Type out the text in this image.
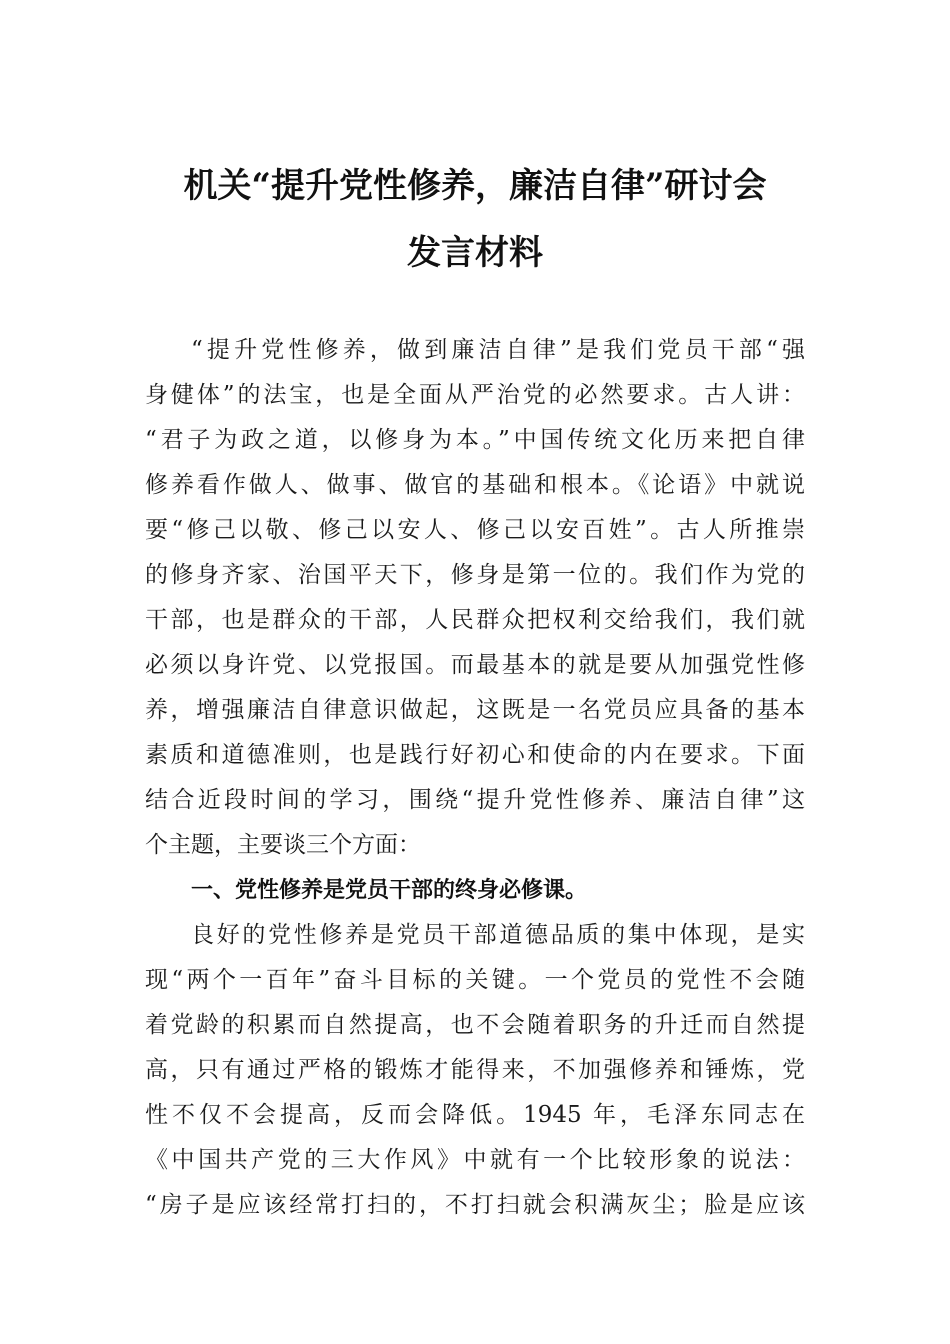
机关“提升党性修养，廉洁自律”研讨会
发言材料
“提升党性修养，做到廉洁自律”是我们党员干部“强
身健体”的法宝，也是全面从严治党的必然要求。古人讲：
“君子为政之道，以修身为本。”中国传统文化历来把自律
修养看作做人、做事、做官的基础和根本。《论语》中就说
要“修己以敬、修己以安人、修己以安百姓”。古人所推崇
的修身齐家、治国平天下，修身是第一位的。我们作为党的
干部，也是群众的干部，人民群众把权利交给我们，我们就
必须以身许党、以党报国。而最基本的就是要从加强党性修
养，增强廉洁自律意识做起，这既是一名党员应具备的基本
素质和道德准则，也是践行好初心和使命的内在要求。下面
结合近段时间的学习，围绕“提升党性修养、廉洁自律”这
个主题，主要谈三个方面：
一、党性修养是党员干部的终身必修课。
良好的党性修养是党员干部道德品质的集中体现，是实
现“两个一百年”奋斗目标的关键。一个党员的党性不会随
着党龄的积累而自然提高，也不会随着职务的升迁而自然提
高，只有通过严格的锻炼才能得来，不加强修养和锤炼，党
性不仅不会提高，反而会降低。1945 年，毛泽东同志在
《中国共产党的三大作风》中就有一个比较形象的说法：
“房子是应该经常打扫的，不打扫就会积满灰尘；脸是应该
